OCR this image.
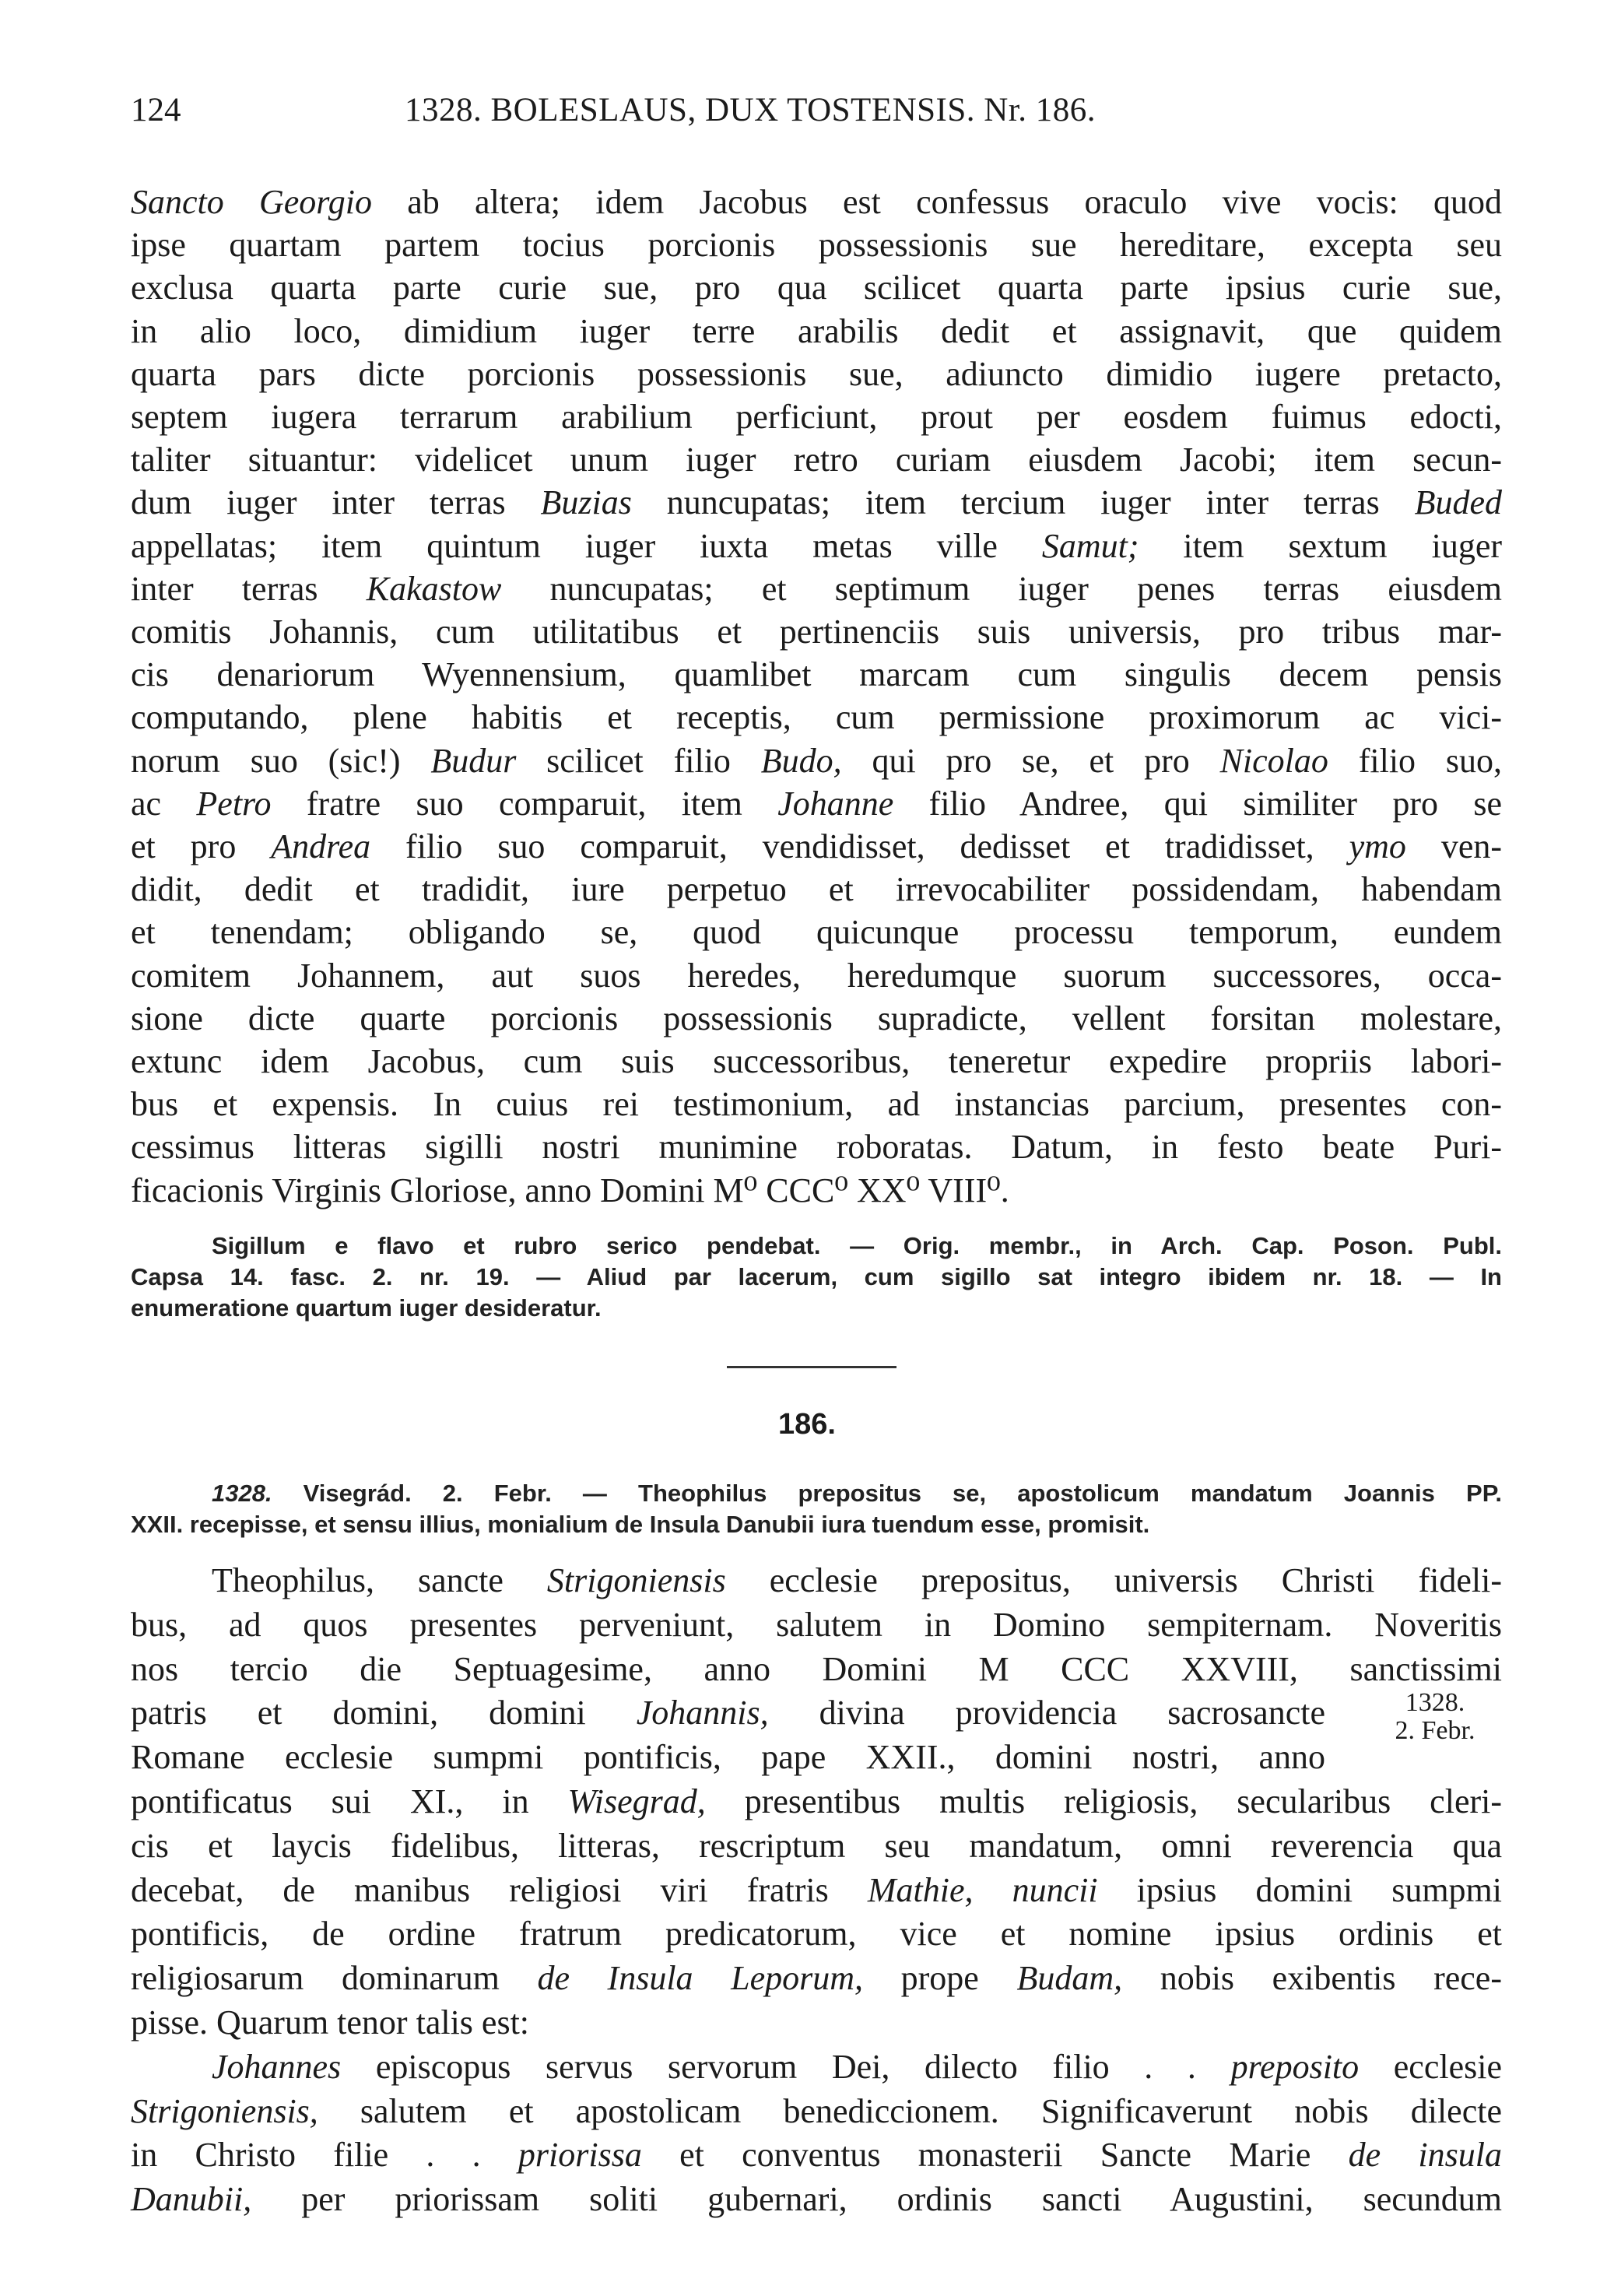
124	1328. BOLESLAUS, DUX TOSTENSIS. Nr. 186.
Sancto Georgio ab altera; idem Jacobus est confessus oraculo vive vocis: quod
ipse quartam partem tocius porcionis possessionis sue hereditare, excepta seu
exclusa quarta parte curie sue, pro qua scilicet quarta parte ipsius curie sue,
in alio loco, dimidium iuger terre arabilis dedit et assignavit, que quidem
quarta pars dicte porcionis possessionis sue, adiuncto dimidio iugere pretacto,
septem iugera terrarum arabilium perficiunt, prout per eosdem fuimus edocti,
taliter situantur: videlicet unum iuger retro curiam eiusdem Jacobi; item secun-
dum iuger inter terras Buzias nuncupatas; item tercium iuger inter terras Buded
appellatas; item quintum iuger iuxta metas ville Samut; item sextum iuger
inter terras Kakastow nuncupatas; et septimum iuger penes terras eiusdem
comitis Johannis, cum utilitatibus et pertinenciis suis universis, pro tribus mar-
cis denariorum Wyennensium, quamlibet marcam cum singulis decem pensis
computando, plene habitis et receptis, cum permissione proximorum ac vici-
norum suo (sic!) Budur scilicet filio Budo, qui pro se, et pro Nicolao filio suo,
ac Petro fratre suo comparuit, item Johanne filio Andree, qui similiter pro se
et pro Andrea filio suo comparuit, vendidisset, dedisset et tradidisset, ymo ven-
didit, dedit et tradidit, iure perpetuo et irrevocabiliter possidendam, habendam
et tenendam; obligando se, quod quicunque processu temporum, eundem
comitem Johannem, aut suos heredes, heredumque suorum successores, occa-
sione dicte quarte porcionis possessionis supradicte, vellent forsitan molestare,
extunc idem Jacobus, cum suis successoribus, teneretur expedire propriis labori-
bus et expensis. In cuius rei testimonium, ad instancias parcium, presentes con-
cessimus litteras sigilli nostri munimine roboratas. Datum, in festo beate Puri-
ficacionis Virginis Gloriose, anno Domini M⁰ CCC⁰ XX⁰ VIII⁰.
Sigillum e flavo et rubro serico pendebat. — Orig. membr., in Arch. Cap. Poson. Publ.
Capsa 14. fasc. 2. nr. 19. — Aliud par lacerum, cum sigillo sat integro ibidem nr. 18. — In
enumeratione quartum iuger desideratur.
186.
1328. Visegrád. 2. Febr. — Theophilus prepositus se, apostolicum mandatum Joannis PP.
XXII. recepisse, et sensu illius, monialium de Insula Danubii iura tuendum esse, promisit.
1328.
2. Febr.
Theophilus, sancte Strigoniensis ecclesie prepositus, universis Christi fideli-
bus, ad quos presentes perveniunt, salutem in Domino sempiternam. Noveritis
nos tercio die Septuagesime, anno Domini M CCC XXVIII, sanctissimi
patris et domini, domini Johannis, divina providencia sacrosancte
Romane ecclesie sumpmi pontificis, pape XXII., domini nostri, anno
pontificatus sui XI., in Wisegrad, presentibus multis religiosis, secularibus cleri-
cis et laycis fidelibus, litteras, rescriptum seu mandatum, omni reverencia qua
decebat, de manibus religiosi viri fratris Mathie, nuncii ipsius domini sumpmi
pontificis, de ordine fratrum predicatorum, vice et nomine ipsius ordinis et
religiosarum dominarum de Insula Leporum, prope Budam, nobis exibentis rece-
pisse. Quarum tenor talis est:
Johannes episcopus servus servorum Dei, dilecto filio . . preposito ecclesie
Strigoniensis, salutem et apostolicam benediccionem. Significaverunt nobis dilecte
in Christo filie . . priorissa et conventus monasterii Sancte Marie de insula
Danubii, per priorissam soliti gubernari, ordinis sancti Augustini, secundum
